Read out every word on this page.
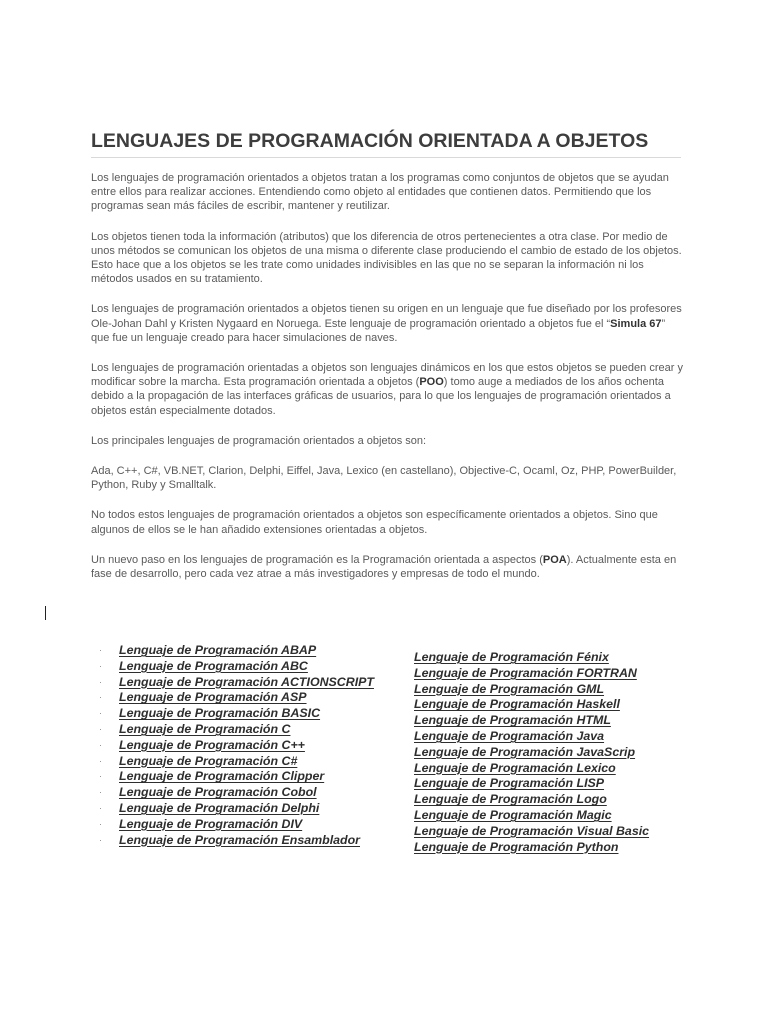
LENGUAJES DE PROGRAMACIÓN ORIENTADA A OBJETOS

Los lenguajes de programación orientados a objetos tratan a los programas como conjuntos de objetos que se ayudan entre ellos para realizar acciones. Entendiendo como objeto al entidades que contienen datos. Permitiendo que los programas sean más fáciles de escribir, mantener y reutilizar.

Los objetos tienen toda la información (atributos) que los diferencia de otros pertenecientes a otra clase. Por medio de unos métodos se comunican los objetos de una misma o diferente clase produciendo el cambio de estado de los objetos. Esto hace que a los objetos se les trate como unidades indivisibles en las que no se separan la información ni los métodos usados en su tratamiento.

Los lenguajes de programación orientados a objetos tienen su origen en un lenguaje que fue diseñado por los profesores Ole-Johan Dahl y Kristen Nygaard en Noruega. Este lenguaje de programación orientado a objetos fue el “Simula 67” que fue un lenguaje creado para hacer simulaciones de naves.

Los lenguajes de programación orientadas a objetos son lenguajes dinámicos en los que estos objetos se pueden crear y modificar sobre la marcha. Esta programación orientada a objetos (POO) tomo auge a mediados de los años ochenta debido a la propagación de las interfaces gráficas de usuarios, para lo que los lenguajes de programación orientados a objetos están especialmente dotados.

Los principales lenguajes de programación orientados a objetos son:

Ada, C++, C#, VB.NET, Clarion, Delphi, Eiffel, Java, Lexico (en castellano), Objective-C, Ocaml, Oz, PHP, PowerBuilder, Python, Ruby y Smalltalk.

No todos estos lenguajes de programación orientados a objetos son específicamente orientados a objetos. Sino que algunos de ellos se le han añadido extensiones orientadas a objetos.

Un nuevo paso en los lenguajes de programación es la Programación orientada a aspectos (POA). Actualmente esta en fase de desarrollo, pero cada vez atrae a más investigadores y empresas de todo el mundo.

· Lenguaje de Programación ABAP
· Lenguaje de Programación ABC
· Lenguaje de Programación ACTIONSCRIPT
· Lenguaje de Programación ASP
· Lenguaje de Programación BASIC
· Lenguaje de Programación C
· Lenguaje de Programación C++
· Lenguaje de Programación C#
· Lenguaje de Programación Clipper
· Lenguaje de Programación Cobol
· Lenguaje de Programación Delphi
· Lenguaje de Programación DIV
· Lenguaje de Programación Ensamblador
Lenguaje de Programación Fénix
Lenguaje de Programación FORTRAN
Lenguaje de Programación GML
Lenguaje de Programación Haskell
Lenguaje de Programación HTML
Lenguaje de Programación Java
Lenguaje de Programación JavaScrip
Lenguaje de Programación Lexico
Lenguaje de Programación LISP
Lenguaje de Programación Logo
Lenguaje de Programación Magic
Lenguaje de Programación Visual Basic
Lenguaje de Programación Python
